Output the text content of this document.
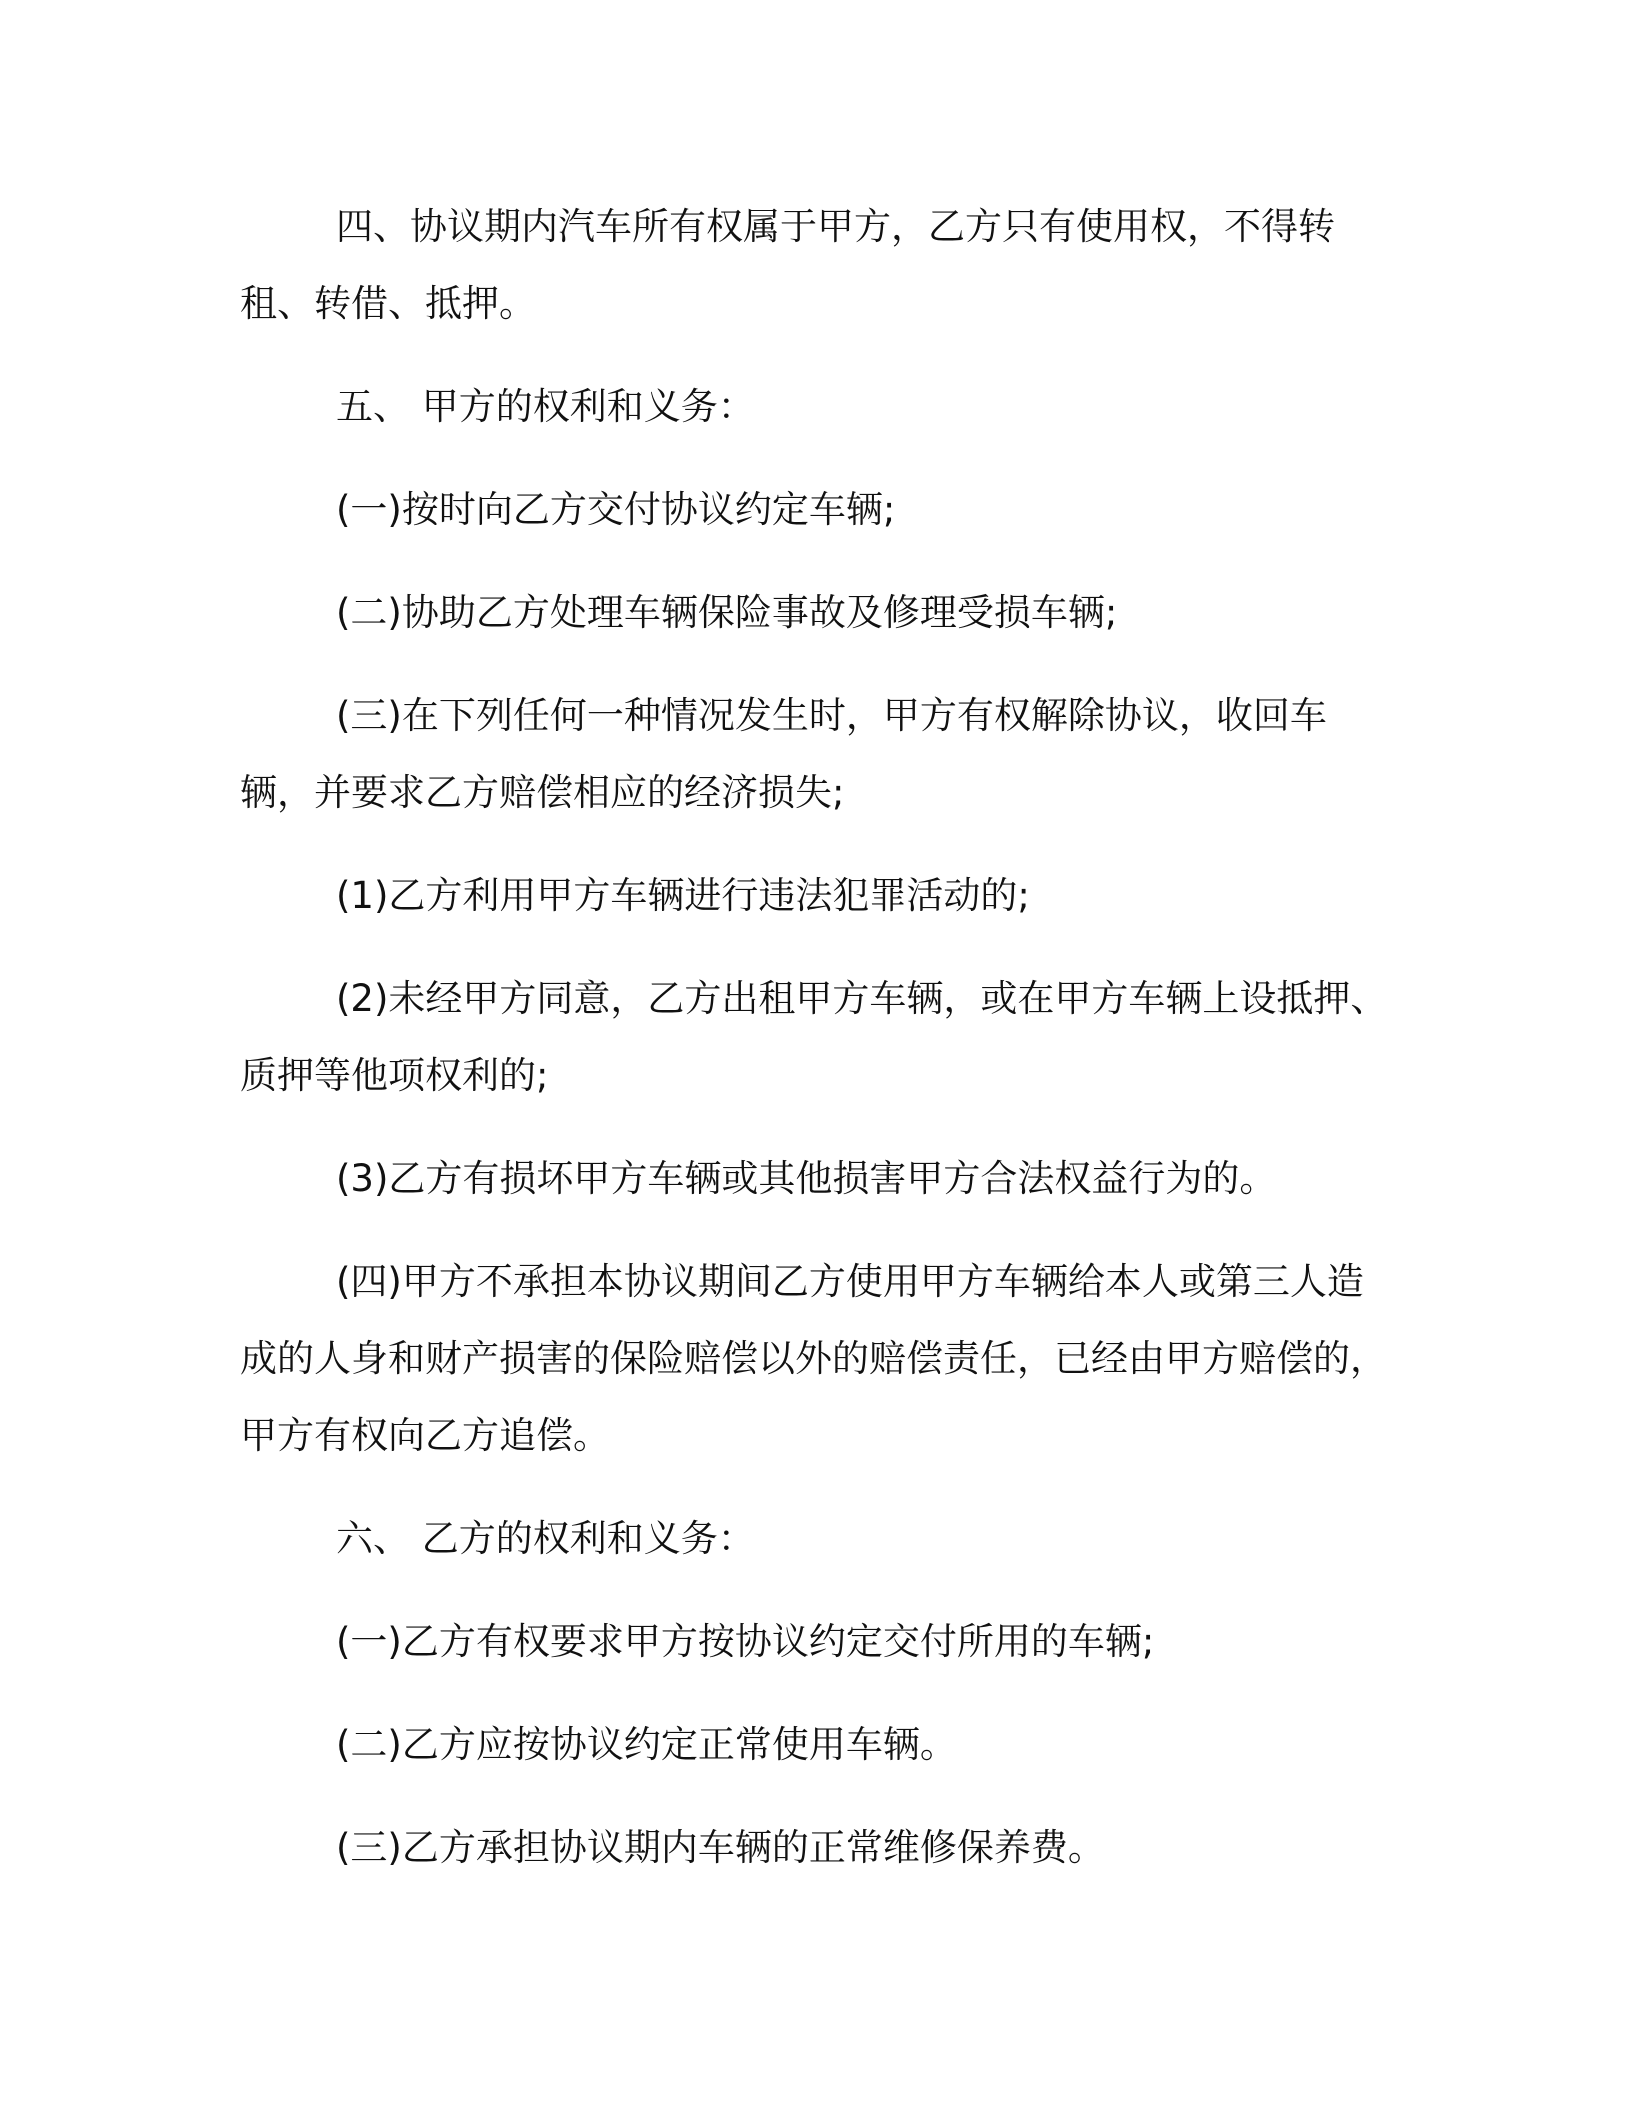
四、协议期内汽车所有权属于甲方，乙方只有使用权，不得转租、转借、抵押。

五、 甲方的权利和义务：

(一)按时向乙方交付协议约定车辆;

(二)协助乙方处理车辆保险事故及修理受损车辆;

(三)在下列任何一种情况发生时，甲方有权解除协议，收回车辆，并要求乙方赔偿相应的经济损失;

(1)乙方利用甲方车辆进行违法犯罪活动的;

(2)未经甲方同意，乙方出租甲方车辆，或在甲方车辆上设抵押、质押等他项权利的;

(3)乙方有损坏甲方车辆或其他损害甲方合法权益行为的。

(四)甲方不承担本协议期间乙方使用甲方车辆给本人或第三人造成的人身和财产损害的保险赔偿以外的赔偿责任，已经由甲方赔偿的，甲方有权向乙方追偿。

六、 乙方的权利和义务：

(一)乙方有权要求甲方按协议约定交付所用的车辆;

(二)乙方应按协议约定正常使用车辆。

(三)乙方承担协议期内车辆的正常维修保养费。
